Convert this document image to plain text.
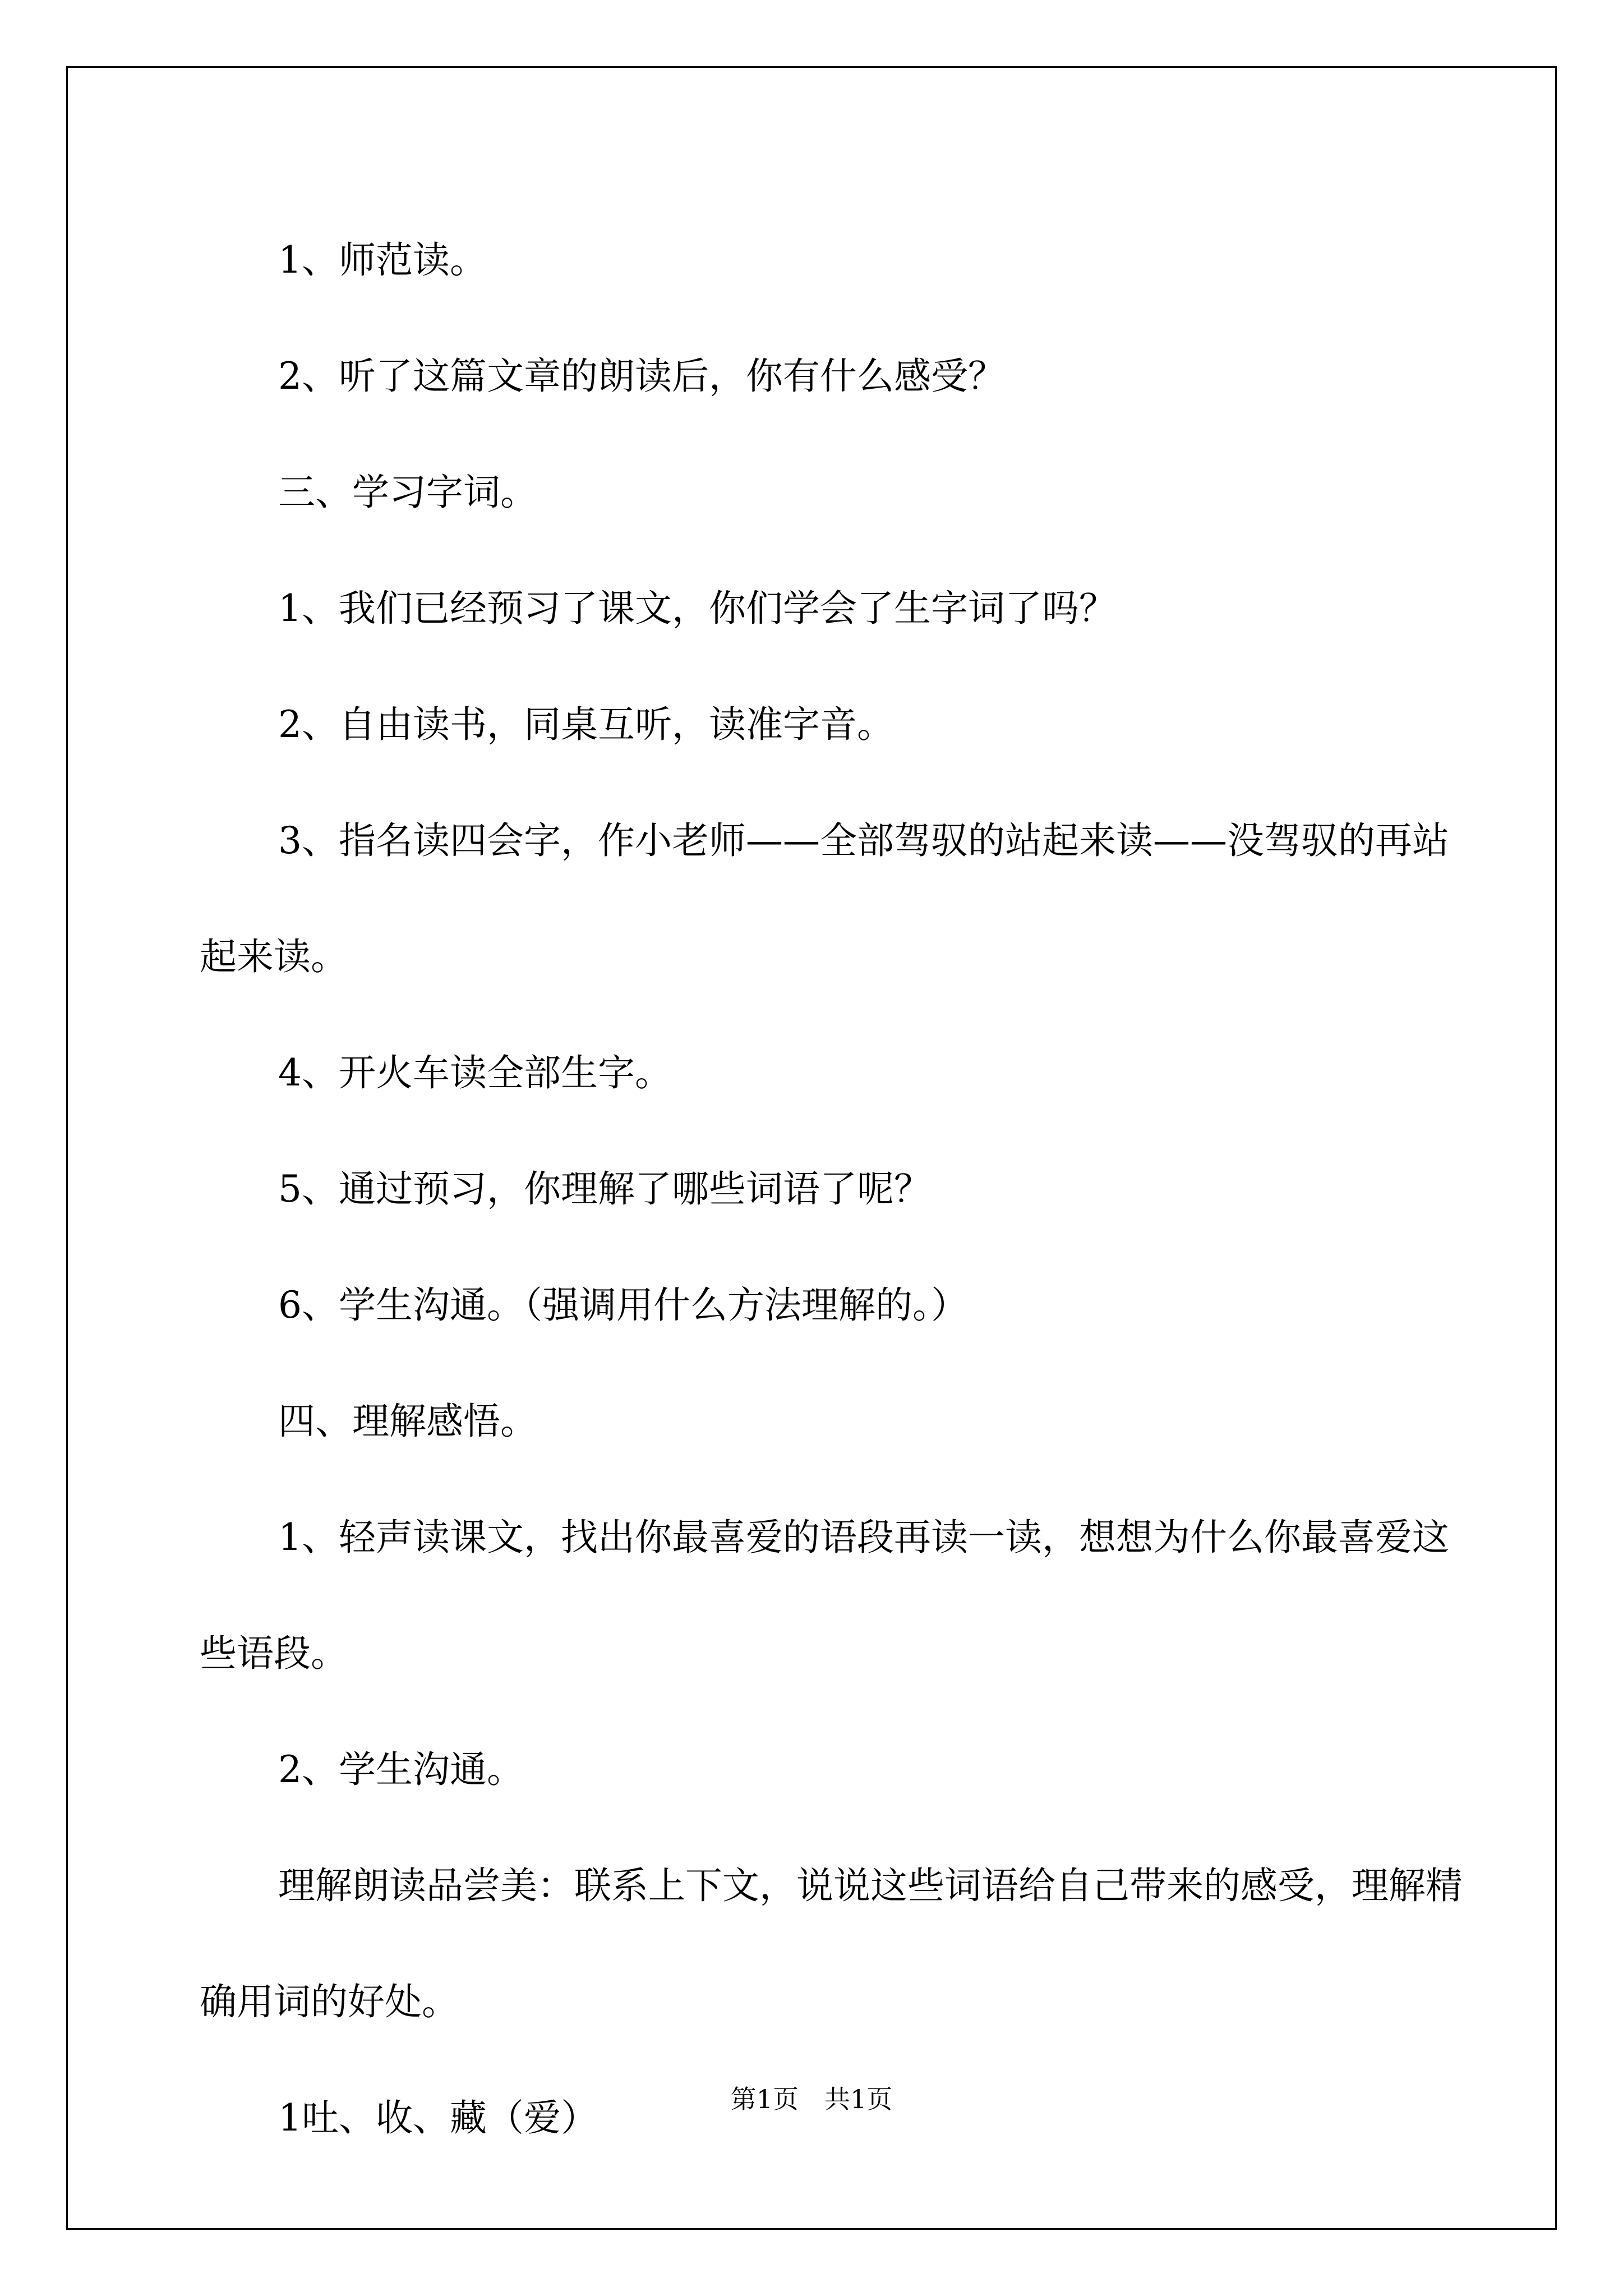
1、师范读。

2、听了这篇文章的朗读后，你有什么感受？

三、学习字词。

1、我们已经预习了课文，你们学会了生字词了吗？

2、自由读书，同桌互听，读准字音。

3、指名读四会字，作小老师——全部驾驭的站起来读——没驾驭的再站起来读。

4、开火车读全部生字。

5、通过预习，你理解了哪些词语了呢？

6、学生沟通。（强调用什么方法理解的。）

四、理解感悟。

1、轻声读课文，找出你最喜爱的语段再读一读，想想为什么你最喜爱这些语段。

2、学生沟通。

理解朗读品尝美：联系上下文，说说这些词语给自己带来的感受，理解精确用词的好处。

1吐、收、藏（爱）	第1页　共1页
